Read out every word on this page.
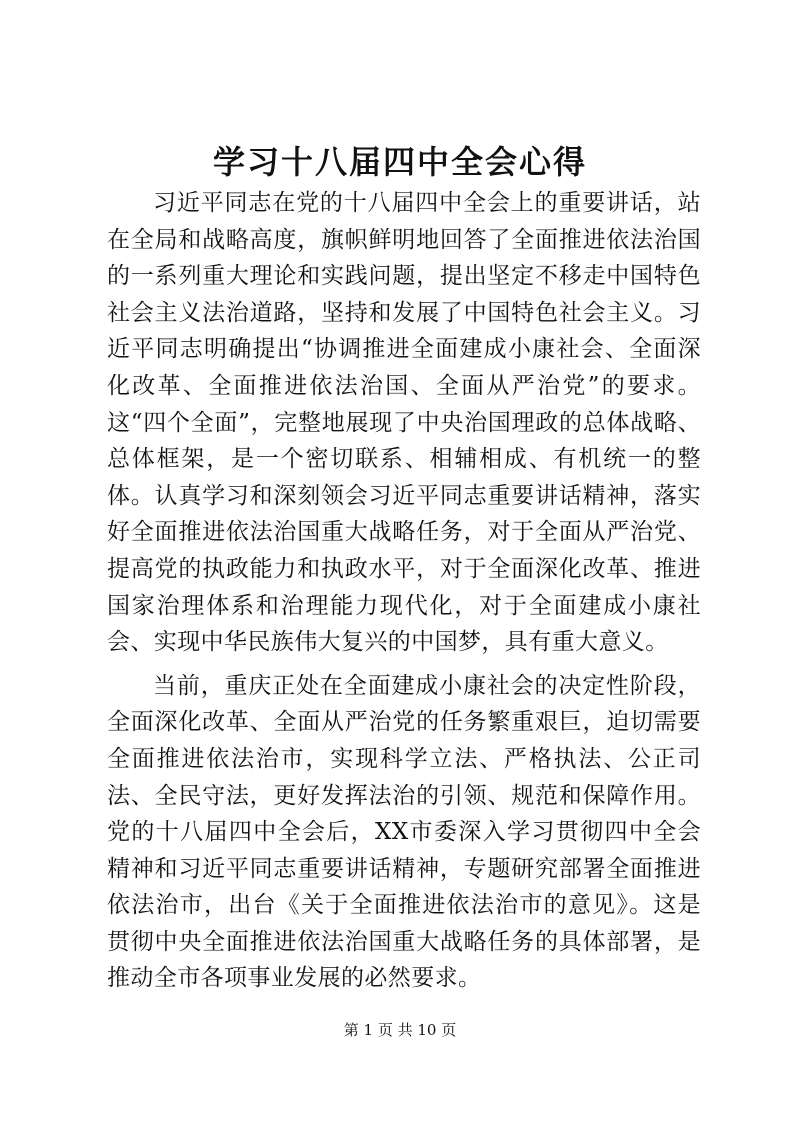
学习十八届四中全会心得

习近平同志在党的十八届四中全会上的重要讲话，站在全局和战略高度，旗帜鲜明地回答了全面推进依法治国的一系列重大理论和实践问题，提出坚定不移走中国特色社会主义法治道路，坚持和发展了中国特色社会主义。习近平同志明确提出“协调推进全面建成小康社会、全面深化改革、全面推进依法治国、全面从严治党”的要求。这“四个全面”，完整地展现了中央治国理政的总体战略、总体框架，是一个密切联系、相辅相成、有机统一的整体。认真学习和深刻领会习近平同志重要讲话精神，落实好全面推进依法治国重大战略任务，对于全面从严治党、提高党的执政能力和执政水平，对于全面深化改革、推进国家治理体系和治理能力现代化，对于全面建成小康社会、实现中华民族伟大复兴的中国梦，具有重大意义。

当前，重庆正处在全面建成小康社会的决定性阶段，全面深化改革、全面从严治党的任务繁重艰巨，迫切需要全面推进依法治市，实现科学立法、严格执法、公正司法、全民守法，更好发挥法治的引领、规范和保障作用。党的十八届四中全会后，XX市委深入学习贯彻四中全会精神和习近平同志重要讲话精神，专题研究部署全面推进依法治市，出台《关于全面推进依法治市的意见》。这是贯彻中央全面推进依法治国重大战略任务的具体部署，是推动全市各项事业发展的必然要求。

第 1 页 共 10 页
